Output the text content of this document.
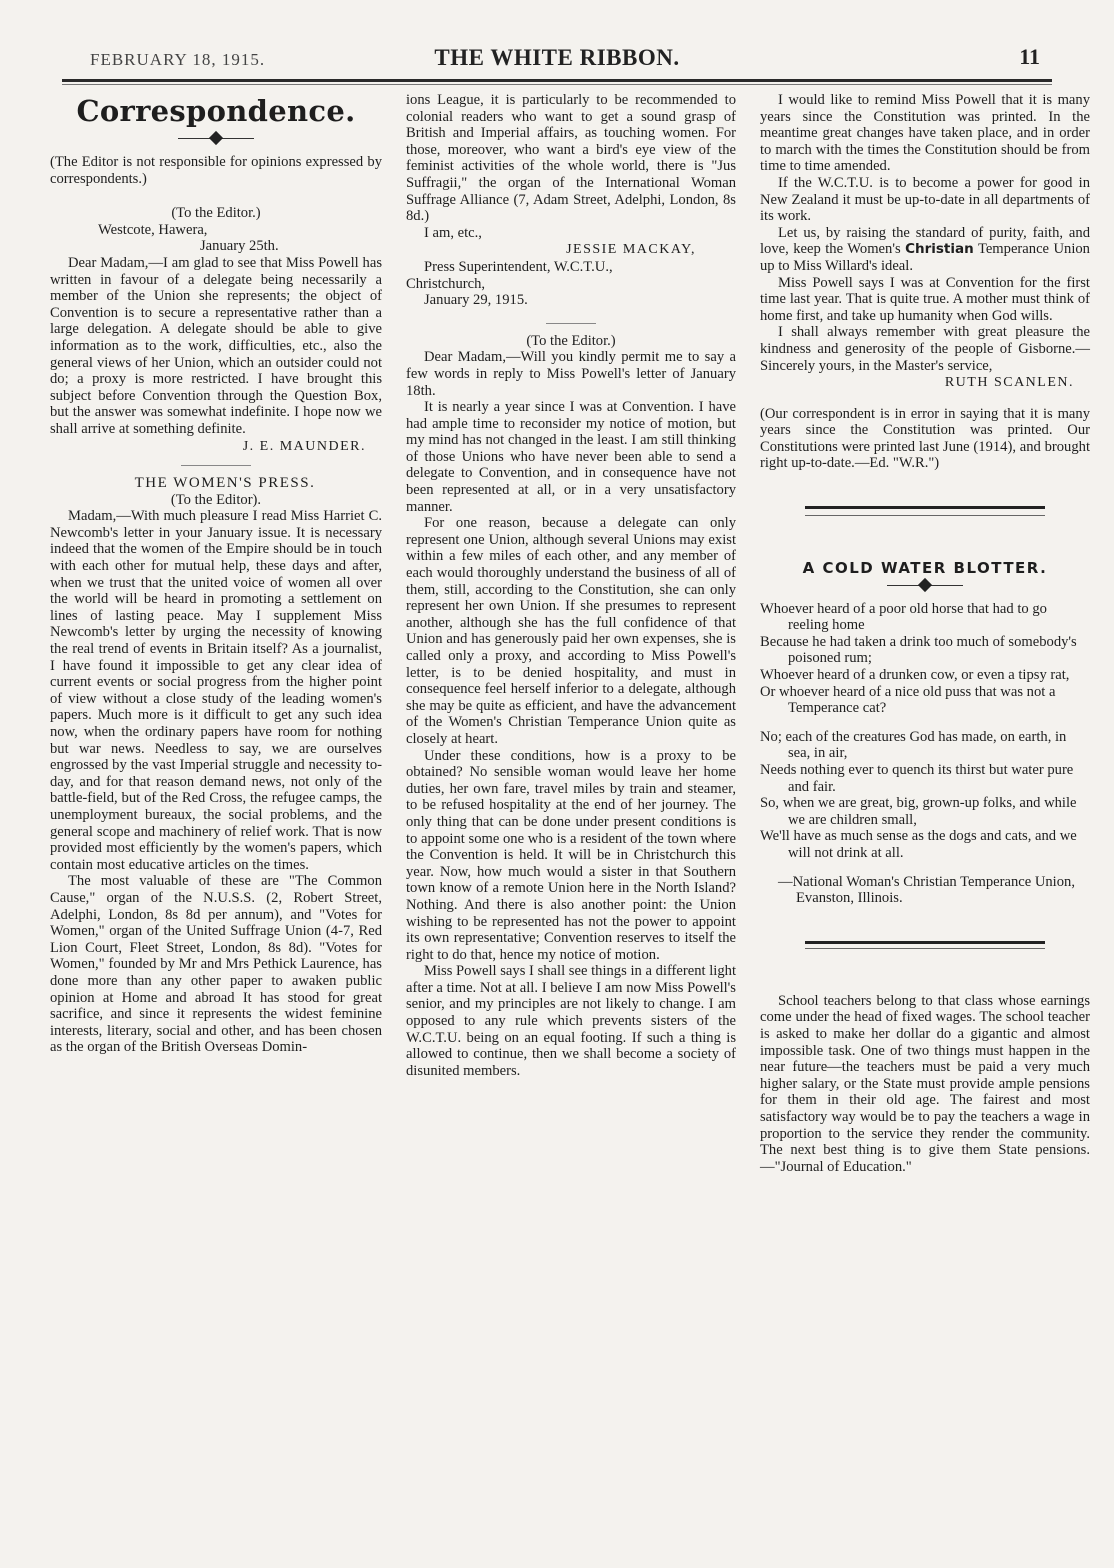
FEBRUARY 18, 1915.	THE WHITE RIBBON.	11
Correspondence.

(The Editor is not responsible for opinions expressed by correspondents.)

(To the Editor.)

Westcote, Hawera,

January 25th.

Dear Madam,—I am glad to see that Miss Powell has written in favour of a delegate being necessarily a member of the Union she represents; the object of Convention is to secure a representative rather than a large delegation. A delegate should be able to give information as to the work, difficulties, etc., also the general views of her Union, which an outsider could not do; a proxy is more restricted. I have brought this subject before Convention through the Question Box, but the answer was somewhat indefinite. I hope now we shall arrive at something definite.

J. E. MAUNDER.

THE WOMEN'S PRESS.

(To the Editor).

Madam,—With much pleasure I read Miss Harriet C. Newcomb's letter in your January issue. It is necessary indeed that the women of the Empire should be in touch with each other for mutual help, these days and after, when we trust that the united voice of women all over the world will be heard in promoting a settlement on lines of lasting peace. May I supplement Miss Newcomb's letter by urging the necessity of knowing the real trend of events in Britain itself? As a journalist, I have found it impossible to get any clear idea of current events or social progress from the higher point of view without a close study of the leading women's papers. Much more is it difficult to get any such idea now, when the ordinary papers have room for nothing but war news. Needless to say, we are ourselves engrossed by the vast Imperial struggle and necessity to-day, and for that reason demand news, not only of the battle-field, but of the Red Cross, the refugee camps, the unemployment bureaux, the social problems, and the general scope and machinery of relief work. That is now provided most efficiently by the women's papers, which contain most educative articles on the times.

The most valuable of these are "The Common Cause," organ of the N.U.S.S. (2, Robert Street, Adelphi, London, 8s 8d per annum), and "Votes for Women," organ of the United Suffrage Union (4-7, Red Lion Court, Fleet Street, London, 8s 8d). "Votes for Women," founded by Mr and Mrs Pethick Laurence, has done more than any other paper to awaken public opinion at Home and abroad It has stood for great sacrifice, and since it represents the widest feminine interests, literary, social and other, and has been chosen as the organ of the British Overseas Domin-

ions League, it is particularly to be recommended to colonial readers who want to get a sound grasp of British and Imperial affairs, as touching women. For those, moreover, who want a bird's eye view of the feminist activities of the whole world, there is "Jus Suffragii," the organ of the International Woman Suffrage Alliance (7, Adam Street, Adelphi, London, 8s 8d.)

I am, etc.,

JESSIE MACKAY,

Press Superintendent, W.C.T.U.,

Christchurch,

January 29, 1915.

(To the Editor.)

Dear Madam,—Will you kindly permit me to say a few words in reply to Miss Powell's letter of January 18th.

It is nearly a year since I was at Convention. I have had ample time to reconsider my notice of motion, but my mind has not changed in the least. I am still thinking of those Unions who have never been able to send a delegate to Convention, and in consequence have not been represented at all, or in a very unsatisfactory manner.

For one reason, because a delegate can only represent one Union, although several Unions may exist within a few miles of each other, and any member of each would thoroughly understand the business of all of them, still, according to the Constitution, she can only represent her own Union. If she presumes to represent another, although she has the full confidence of that Union and has generously paid her own expenses, she is called only a proxy, and according to Miss Powell's letter, is to be denied hospitality, and must in consequence feel herself inferior to a delegate, although she may be quite as efficient, and have the advancement of the Women's Christian Temperance Union quite as closely at heart.

Under these conditions, how is a proxy to be obtained? No sensible woman would leave her home duties, her own fare, travel miles by train and steamer, to be refused hospitality at the end of her journey. The only thing that can be done under present conditions is to appoint some one who is a resident of the town where the Convention is held. It will be in Christchurch this year. Now, how much would a sister in that Southern town know of a remote Union here in the North Island? Nothing. And there is also another point: the Union wishing to be represented has not the power to appoint its own representative; Convention reserves to itself the right to do that, hence my notice of motion.

Miss Powell says I shall see things in a different light after a time. Not at all. I believe I am now Miss Powell's senior, and my principles are not likely to change. I am opposed to any rule which prevents sisters of the W.C.T.U. being on an equal footing. If such a thing is allowed to continue, then we shall become a society of disunited members.

I would like to remind Miss Powell that it is many years since the Constitution was printed. In the meantime great changes have taken place, and in order to march with the times the Constitution should be from time to time amended.

If the W.C.T.U. is to become a power for good in New Zealand it must be up-to-date in all departments of its work.

Let us, by raising the standard of purity, faith, and love, keep the Women's Christian Temperance Union up to Miss Willard's ideal.

Miss Powell says I was at Convention for the first time last year. That is quite true. A mother must think of home first, and take up humanity when God wills.

I shall always remember with great pleasure the kindness and generosity of the people of Gisborne.—Sincerely yours, in the Master's service,

RUTH SCANLEN.

(Our correspondent is in error in saying that it is many years since the Constitution was printed. Our Constitutions were printed last June (1914), and brought right up-to-date.—Ed. "W.R.")

A COLD WATER BLOTTER.

Whoever heard of a poor old horse that had to go reeling home

Because he had taken a drink too much of somebody's poisoned rum;

Whoever heard of a drunken cow, or even a tipsy rat,

Or whoever heard of a nice old puss that was not a Temperance cat?

No; each of the creatures God has made, on earth, in sea, in air,

Needs nothing ever to quench its thirst but water pure and fair.

So, when we are great, big, grown-up folks, and while we are children small,

We'll have as much sense as the dogs and cats, and we will not drink at all.

—National Woman's Christian Temperance Union, Evanston, Illinois.

School teachers belong to that class whose earnings come under the head of fixed wages. The school teacher is asked to make her dollar do a gigantic and almost impossible task. One of two things must happen in the near future—the teachers must be paid a very much higher salary, or the State must provide ample pensions for them in their old age. The fairest and most satisfactory way would be to pay the teachers a wage in proportion to the service they render the community. The next best thing is to give them State pensions.—"Journal of Education."
